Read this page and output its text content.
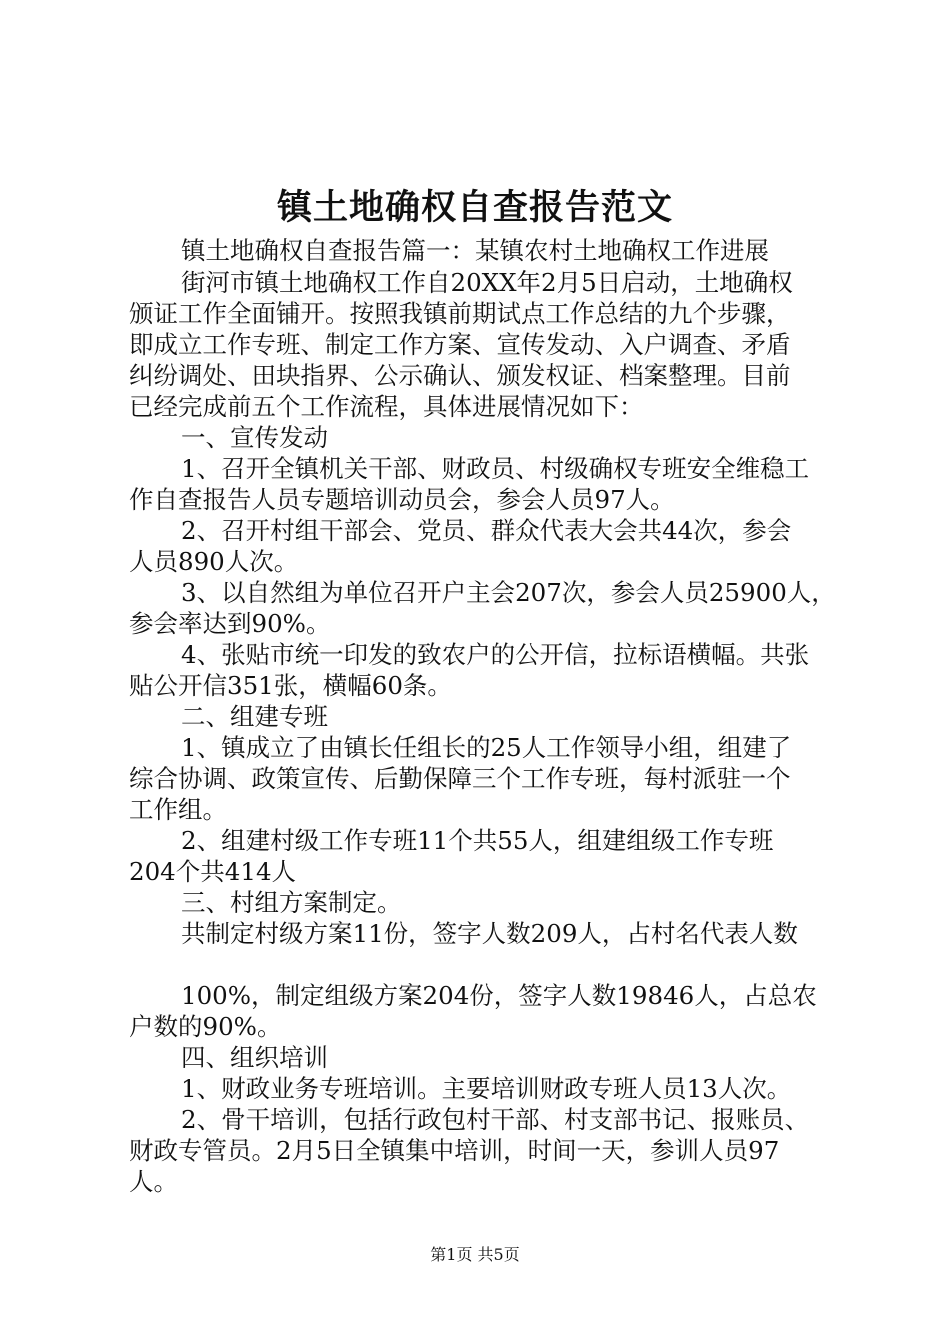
镇土地确权自查报告范文
镇土地确权自查报告篇一：某镇农村土地确权工作进展
街河市镇土地确权工作自20XX年2月5日启动，土地确权
颁证工作全面铺开。按照我镇前期试点工作总结的九个步骤，
即成立工作专班、制定工作方案、宣传发动、入户调查、矛盾
纠纷调处、田块指界、公示确认、颁发权证、档案整理。目前
已经完成前五个工作流程，具体进展情况如下：
一、宣传发动
1、召开全镇机关干部、财政员、村级确权专班安全维稳工
作自查报告人员专题培训动员会，参会人员97人。
2、召开村组干部会、党员、群众代表大会共44次，参会
人员890人次。
3、以自然组为单位召开户主会207次，参会人员25900人，
参会率达到90%。
4、张贴市统一印发的致农户的公开信，拉标语横幅。共张
贴公开信351张，横幅60条。
二、组建专班
1、镇成立了由镇长任组长的25人工作领导小组，组建了
综合协调、政策宣传、后勤保障三个工作专班，每村派驻一个
工作组。
2、组建村级工作专班11个共55人，组建组级工作专班
204个共414人
三、村组方案制定。
共制定村级方案11份，签字人数209人，占村名代表人数
100%，制定组级方案204份，签字人数19846人，占总农
户数的90%。
四、组织培训
1、财政业务专班培训。主要培训财政专班人员13人次。
2、骨干培训，包括行政包村干部、村支部书记、报账员、
财政专管员。2月5日全镇集中培训，时间一天，参训人员97
人。
第1页 共5页
